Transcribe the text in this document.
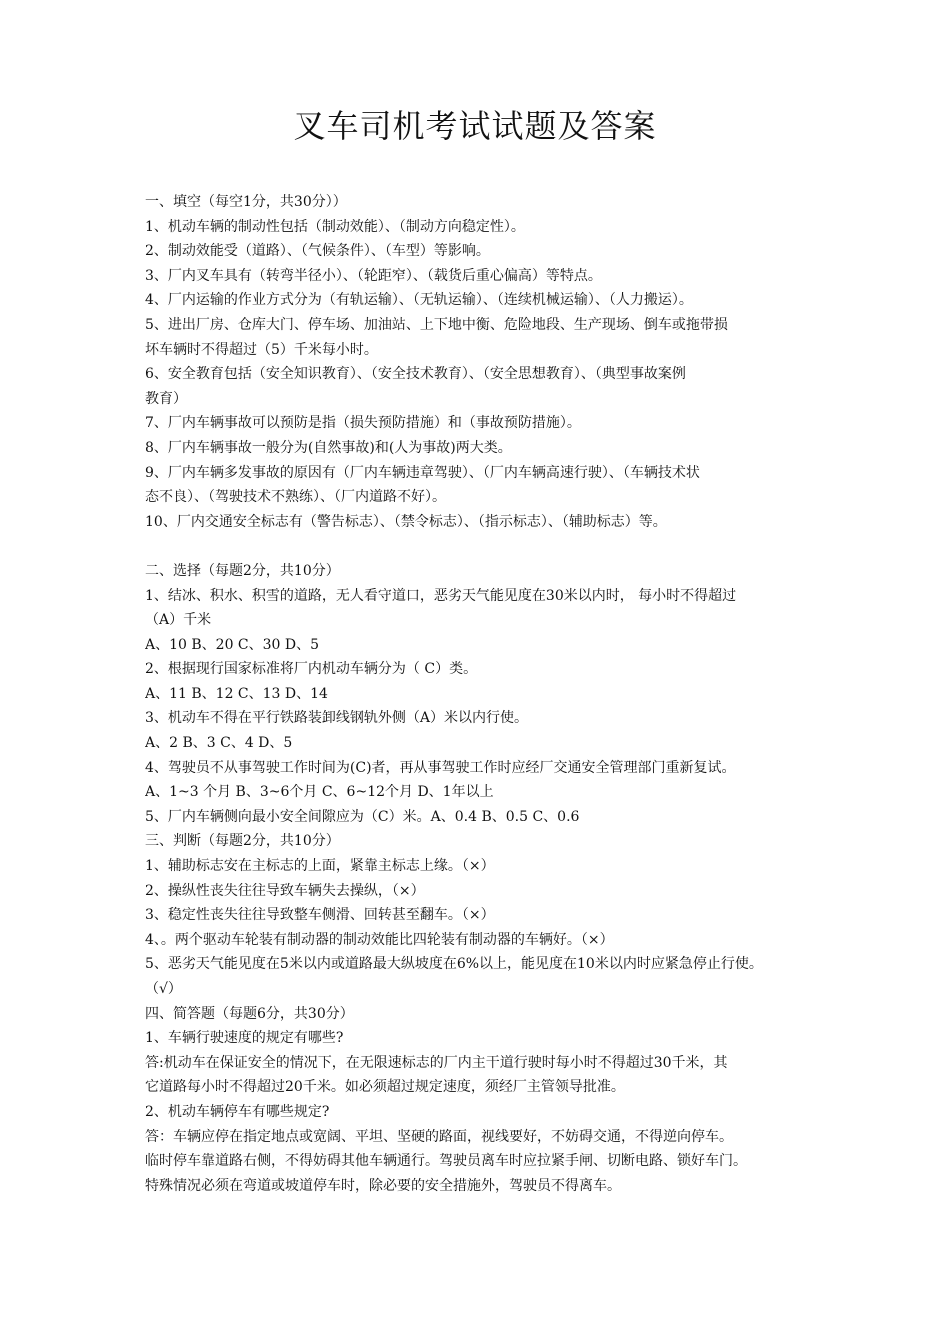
叉车司机考试试题及答案
一、填空（每空1分，共30分））
1、机动车辆的制动性包括（制动效能）、（制动方向稳定性）。
2、制动效能受（道路）、（气候条件）、（车型）等影响。
3、厂内叉车具有（转弯半径小）、（轮距窄）、（载货后重心偏高）等特点。
4、厂内运输的作业方式分为（有轨运输）、（无轨运输）、（连续机械运输）、（人力搬运）。
5、进出厂房、仓库大门、停车场、加油站、上下地中衡、危险地段、生产现场、倒车或拖带损
坏车辆时不得超过（5）千米每小时。
6、安全教育包括（安全知识教育）、（安全技术教育）、（安全思想教育）、（典型事故案例
教育）
7、厂内车辆事故可以预防是指（损失预防措施）和（事故预防措施）。
8、厂内车辆事故一般分为(自然事故)和(人为事故)两大类。
9、厂内车辆多发事故的原因有（厂内车辆违章驾驶）、（厂内车辆高速行驶）、（车辆技术状
态不良）、（驾驶技术不熟练）、（厂内道路不好）。
10、厂内交通安全标志有（警告标志）、（禁令标志）、（指示标志）、（辅助标志）等。
二、选择（每题2分，共10分）
1、结冰、积水、积雪的道路，无人看守道口，恶劣天气能见度在30米以内时， 每小时不得超过
（A）千米
A、10 B、20 C、30 D、5
2、根据现行国家标准将厂内机动车辆分为（ C）类。
A、11 B、12 C、13 D、14
3、机动车不得在平行铁路装卸线钢轨外侧（A）米以内行使。
A、2 B、3 C、4 D、5
4、驾驶员不从事驾驶工作时间为(C)者，再从事驾驶工作时应经厂交通安全管理部门重新复试。
A、1~3 个月 B、3~6个月 C、6~12个月 D、1年以上
5、厂内车辆侧向最小安全间隙应为（C）米。A、0.4 B、0.5 C、0.6
三、判断（每题2分，共10分）
1、辅助标志安在主标志的上面，紧靠主标志上缘。（×）
2、操纵性丧失往往导致车辆失去操纵，（×）
3、稳定性丧失往往导致整车侧滑、回转甚至翻车。（×）
4、。两个驱动车轮装有制动器的制动效能比四轮装有制动器的车辆好。（×）
5、恶劣天气能见度在5米以内或道路最大纵坡度在6%以上，能见度在10米以内时应紧急停止行使。
（√）
四、简答题（每题6分，共30分）
1、车辆行驶速度的规定有哪些?
答:机动车在保证安全的情况下，在无限速标志的厂内主干道行驶时每小时不得超过30千米，其
它道路每小时不得超过20千米。如必须超过规定速度，须经厂主管领导批准。
2、机动车辆停车有哪些规定?
答：车辆应停在指定地点或宽阔、平坦、坚硬的路面，视线要好，不妨碍交通，不得逆向停车。
临时停车靠道路右侧，不得妨碍其他车辆通行。驾驶员离车时应拉紧手闸、切断电路、锁好车门。
特殊情况必须在弯道或坡道停车时，除必要的安全措施外，驾驶员不得离车。
